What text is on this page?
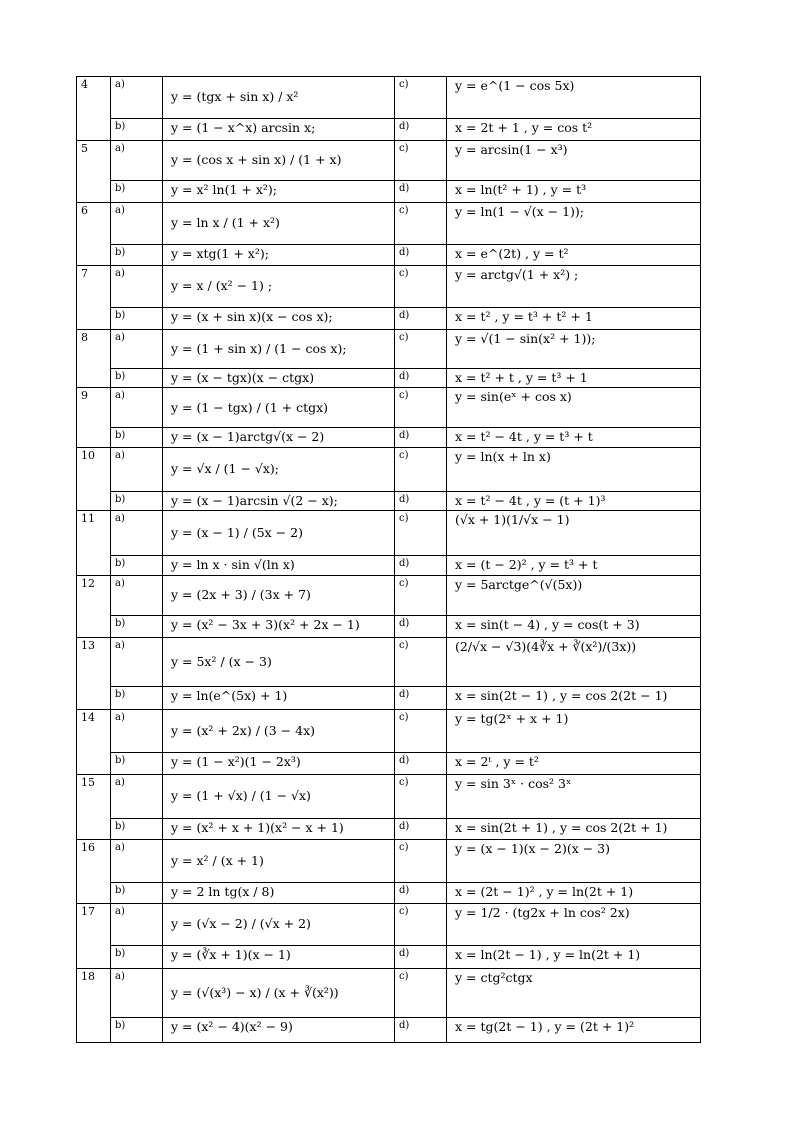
4	a)	y = (tgx + sin x) / x²	c)	y = e^(1 − cos 5x)
	b)	y = (1 − x^x) arcsin x;	d)	x = 2t + 1 , y = cos t²
5	a)	y = (cos x + sin x) / (1 + x)	c)	y = arcsin(1 − x³)
	b)	y = x² ln(1 + x²);	d)	x = ln(t² + 1) , y = t³
6	a)	y = ln x / (1 + x²)	c)	y = ln(1 − √(x − 1));
	b)	y = xtg(1 + x²);	d)	x = e^(2t) , y = t²
7	a)	y = x / (x² − 1) ;	c)	y = arctg√(1 + x²) ;
	b)	y = (x + sin x)(x − cos x);	d)	x = t² , y = t³ + t² + 1
8	a)	y = (1 + sin x) / (1 − cos x);	c)	y = √(1 − sin(x² + 1));
	b)	y = (x − tgx)(x − ctgx)	d)	x = t² + t , y = t³ + 1
9	a)	y = (1 − tgx) / (1 + ctgx)	c)	y = sin(eˣ + cos x)
	b)	y = (x − 1)arctg√(x − 2)	d)	x = t² − 4t , y = t³ + t
10	a)	y = √x / (1 − √x);	c)	y = ln(x + ln x)
	b)	y = (x − 1)arcsin √(2 − x);	d)	x = t² − 4t , y = (t + 1)³
11	a)	y = (x − 1) / (5x − 2)	c)	(√x + 1)(1/√x − 1)
	b)	y = ln x · sin √(ln x)	d)	x = (t − 2)² , y = t³ + t
12	a)	y = (2x + 3) / (3x + 7)	c)	y = 5arctge^(√(5x))
	b)	y = (x² − 3x + 3)(x² + 2x − 1)	d)	x = sin(t − 4) , y = cos(t + 3)
13	a)	y = 5x² / (x − 3)	c)	(2/√x − √3)(4∛x + ∛(x²)/(3x))
	b)	y = ln(e^(5x) + 1)	d)	x = sin(2t − 1) , y = cos 2(2t − 1)
14	a)	y = (x² + 2x) / (3 − 4x)	c)	y = tg(2ˣ + x + 1)
	b)	y = (1 − x²)(1 − 2x³)	d)	x = 2ᵗ , y = t²
15	a)	y = (1 + √x) / (1 − √x)	c)	y = sin 3ˣ · cos² 3ˣ
	b)	y = (x² + x + 1)(x² − x + 1)	d)	x = sin(2t + 1) , y = cos 2(2t + 1)
16	a)	y = x² / (x + 1)	c)	y = (x − 1)(x − 2)(x − 3)
	b)	y = 2 ln tg(x / 8)	d)	x = (2t − 1)² , y = ln(2t + 1)
17	a)	y = (√x − 2) / (√x + 2)	c)	y = 1/2 · (tg2x + ln cos² 2x)
	b)	y = (∛x + 1)(x − 1)	d)	x = ln(2t − 1) , y = ln(2t + 1)
18	a)	y = (√(x³) − x) / (x + ∛(x²))	c)	y = ctg²ctgx
	b)	y = (x² − 4)(x² − 9)	d)	x = tg(2t − 1) , y = (2t + 1)²
